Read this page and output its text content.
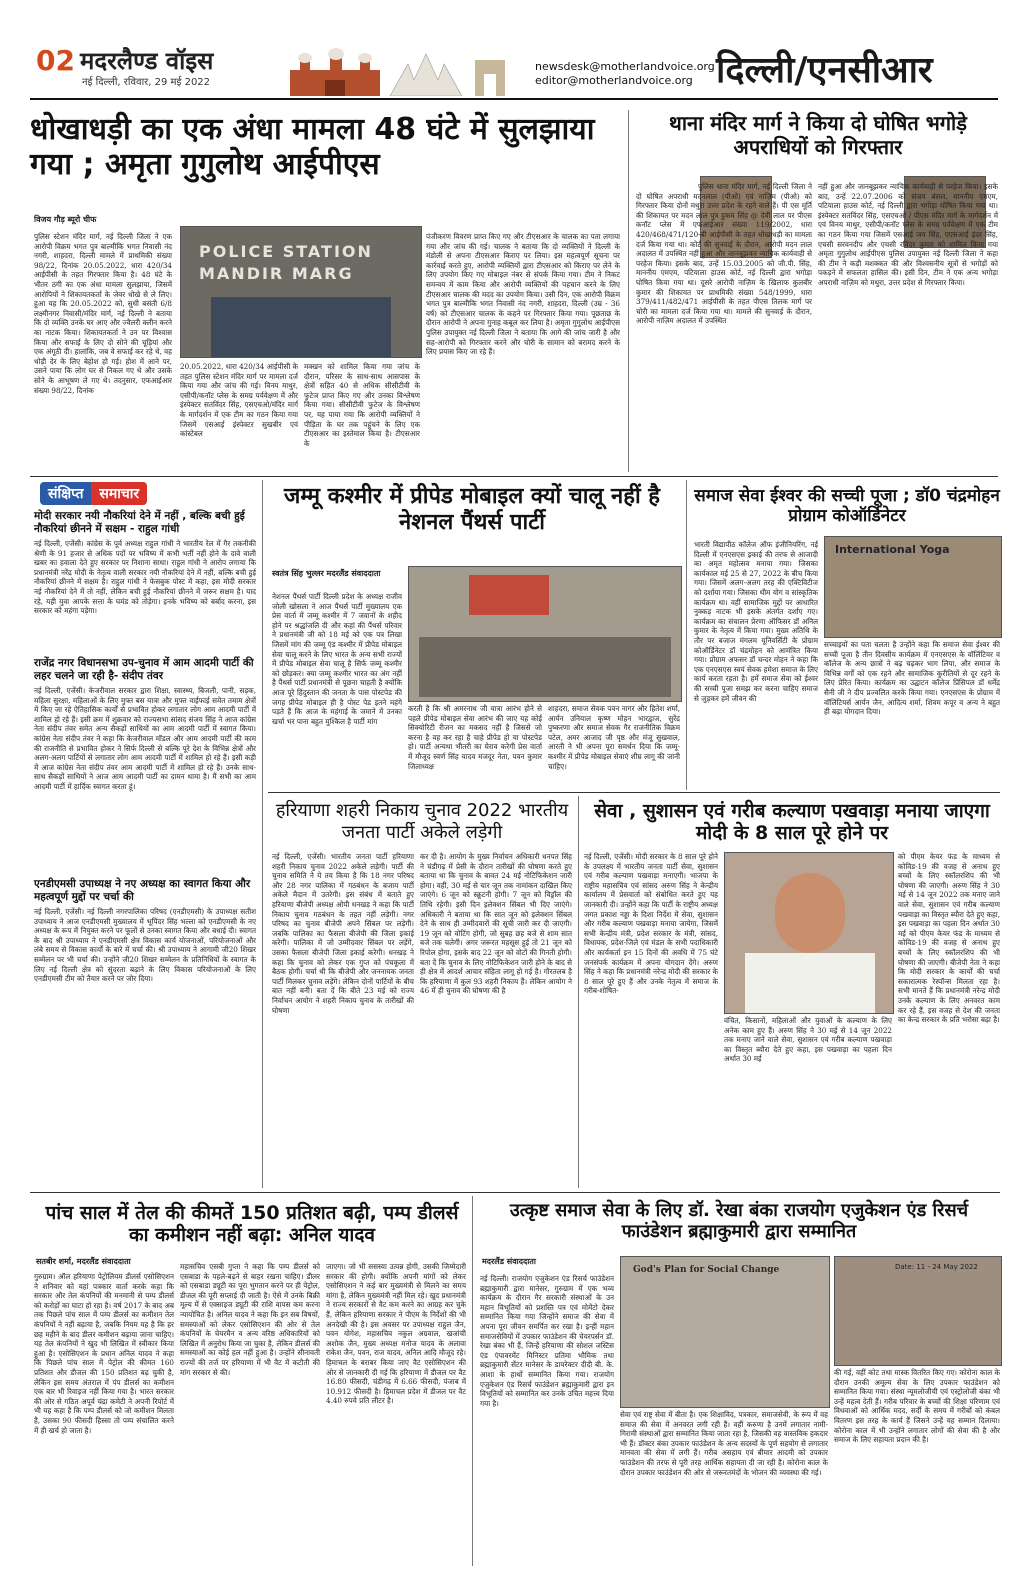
02 मदरलैण्ड वॉइस
नई दिल्ली, रविवार, 29 मई 2022
newsdesk@motherlandvoice.org
editor@motherlandvoice.org दिल्ली/एनसीआर
धोखाधड़ी का एक अंधा मामला 48 घंटे में सुलझाया गया ; अमृता गुगुलोथ आईपीएस
विजय गौड़ ब्यूरो चीफ
पुलिस स्टेशन मंदिर मार्ग, नई दिल्ली जिला ने एक आरोपी विक्रम भगत पुत्र बाल्मीकि भगत निवासी नंद नगरी, शाहदरा, दिल्ली मामले में प्राथमिकी संख्या 98/22, दिनांक 20.05.2022, धारा 420/34 आईपीसी के तहत गिरफ्तार किया है। 48 घंटे के भीतर ठगी का एक अंधा मामला सुलझाया, जिसमें आरोपियों ने शिकायतकर्ता के जेवर धोखे से ले लिए। हुआ यह कि 20.05.2022 को, सुधी बसंती 6/8 लक्ष्मीनगर निवासी/मंदिर मार्ग, नई दिल्ली ने बताया कि दो व्यक्ति उनके घर आए और ज्वैलरी क्लीन करने का नाटक किया। शिकायतकर्ता ने उन पर विश्वास किया और सफाई के लिए दो सोने की चूड़ियां और एक अंगूठी दी। हालांकि, जब वे सफाई कर रहे थे, वह थोड़ी देर के लिए बेहोश हो गई। होश में आने पर, उसने पाया कि लोग घर से निकल गए थे और उसके सोने के आभूषण ले गए थे। तदनुसार, एफआईआर संख्या 98/22, दिनांक
POLICE STATION MANDIR MARG
20.05.2022, धारा 420/34 आईपीसी के तहत पुलिस स्टेशन मंदिर मार्ग पर मामला दर्ज किया गया और जांच की गई। विनय माथुर, एसीपी/कनॉट प्लेस के समग्र पर्यवेक्षण में और इंस्पेक्टर सतविंदर सिंह, एसएचओ/मंदिर मार्ग के मार्गदर्शन में एक टीम का गठन किया गया जिसमें एसआई इंस्पेक्टर सुखबीर एवं कांस्टेबल
मक्खन को शामिल किया गया जांच के दौरान, परिसर के साथ-साथ आसपास के क्षेत्रों सहित 40 से अधिक सीसीटीवी के फुटेज प्राप्त किए गए और उनका विश्लेषण किया गया। सीसीटीवी फुटेज के विश्लेषण पर, यह पाया गया कि आरोपी व्यक्तियों ने पीड़िता के घर तक पहुंचने के लिए एक टीएसआर का इस्तेमाल किया है। टीएसआर के
पंजीकरण विवरण प्राप्त किए गए और टीएसआर के चालक का पता लगाया गया और जांच की गई। चालक ने बताया कि दो व्यक्तियों ने दिल्ली के मंडोली से अपना टीएसआर किराए पर लिया। इस महत्वपूर्ण सूचना पर कार्रवाई करते हुए, आरोपी व्यक्तियों द्वारा टीएसआर को किराए पर लेने के लिए उपयोग किए गए मोबाइल नंबर से संपर्क किया गया। टीम ने निकट समन्वय में काम किया और आरोपी व्यक्तियों की पहचान करने के लिए टीएसआर चालक की मदद का उपयोग किया। उसी दिन, एक आरोपी विक्रम भगत पुत्र बाल्मीकि भगत निवासी नंद नगरी, शाहदरा, दिल्ली (उम्र - 36 वर्ष) को टीएसआर चालक के कहने पर गिरफ्तार किया गया। पूछताछ के दौरान आरोपी ने अपना गुनाह कबूल कर लिया है। अमृता गुगुलोथ आईपीएस पुलिस उपायुक्त नई दिल्ली जिला ने बताया कि आगे की जांच जारी है और सह-आरोपी को गिरफ्तार करने और चोरी के सामान को बरामद करने के लिए प्रयास किए जा रहे हैं।
थाना मंदिर मार्ग ने किया दो घोषित भगोड़े अपराधियों को गिरफ्तार
पुलिस थाना मंदिर मार्ग, नई दिल्ली जिला ने दो घोषित अपराधी मदनलाल (पीओ) एवं नाज़िम (पीओ) को गिरफ्तार किया दोनों मथुरा उत्तर प्रदेश के रहने वाले हैं। पी एस मूर्ति की शिकायत पर मदन लाल पुत्र हुकम सिंह @ देवी लाल पर पीएस कनॉट प्लेस में एफआईआर संख्या 119/2002, धारा 420/468/471/120-बी आईपीसी के तहत धोखाधड़ी का मामला दर्ज किया गया था। कोर्ट की सुनवाई के दौरान, आरोपी मदन लाल अदालत में उपस्थित नहीं हुआ और जानबूझकर न्यायिक कार्यवाही से परहेज किया। इसके बाद, उन्हें 15.03.2005 को जी.पी. सिंह, माननीय एमएम, पटियाला हाउस कोर्ट, नई दिल्ली द्वारा भगोड़ा घोषित किया गया था। दूसरे आरोपी नाज़िम के खिलाफ कुलबीर कुमार की शिकायत पर प्राथमिकी संख्या 548/1999, धारा 379/411/482/471 आईपीसी के तहत पीएस तिलक मार्ग पर चोरी का मामला दर्ज किया गया था। मामले की सुनवाई के दौरान, आरोपी नाज़िम अदालत में उपस्थित
नहीं हुआ और जानबूझकर न्यायिक कार्यवाही से परहेज किया। इसके बाद, उन्हें 22.07.2006 को संजय बंसल, माननीय एमएम, पटियाला हाउस कोर्ट, नई दिल्ली द्वारा भगोड़ा घोषित किया गया था। इंस्पेक्टर सतविंदर सिंह, एसएचओ / पीएस मंदिर मार्ग के मार्गदर्शन में एवं विनय माथुर, एसीपी/कनॉट प्लेस के समग्र पर्यवेक्षण में एक टीम का गठन किया गया जिसमें एसआई जय सिंह, एएसआई इंदर सिंह, एचसी सरवनदीप और एचसी रविंदर कुमार को शामिल किया गया अमृता गुगुलोथ आईपीएस पुलिस उपायुक्त नई दिल्ली जिला ने कहा की टीम ने कड़ी मशक्कत की और विश्वसनीय सूत्रों से भगोड़ों को पकड़ने में सफलता हासिल की। इसी दिन, टीम ने एक अन्य भगोड़ा अपराधी नाज़िम को मथुरा, उत्तर प्रदेश से गिरफ्तार किया।
संक्षिप्त	समाचार
मोदी सरकार नयी नौकरियां देने में नहीं , बल्कि बची हुई नौकरियां छीनने में सक्षम - राहुल गांधी
नई दिल्ली, एजेंसी। कांग्रेस के पूर्व अध्यक्ष राहुल गांधी ने भारतीय रेल में गैर तकनीकी श्रेणी के 91 हजार से अधिक पदों पर भविष्य में कभी भर्ती नहीं होने के दावे वाली खबर का हवाला देते हुए सरकार पर निशाना साधा। राहुल गांधी ने आरोप लगाया कि प्रधानमंत्री नरेंद्र मोदी के नेतृत्व वाली सरकार नयी नौकरियां देने में नहीं, बल्कि बची हुई नौकरियां छीनने में सक्षम है। राहुल गांधी ने फेसबुक पोस्ट में कहा, इस मोदी सरकार नई नौकरियां देने में तो नहीं, लेकिन बची हुई नौकरियां छीनने में जरूर सक्षम है। याद रहे, यही युवा आपके सत्ता के घमंड को तोड़ेगा। इनके भविष्य को बर्बाद करना, इस सरकार को महंगा पड़ेगा।
राजेंद्र नगर विधानसभा उप-चुनाव में आम आदमी पार्टी की लहर चलने जा रही है- संदीप तंवर
नई दिल्ली, एजेंसी। केजरीवाल सरकार द्वारा शिक्षा, स्वास्थ्य, बिजली, पानी, सड़क, महिला सुरक्षा, महिलाओं के लिए मुफ्त बस यात्रा और मुफ्त वाईफाई समेत तमाम क्षेत्रों में किए जा रहे ऐतिहासिक कार्यों से प्रभावित होकर लगातार लोग आम आदमी पार्टी में शामिल हो रहे हैं। इसी क्रम में शुक्रवार को राज्यसभा सांसद संजय सिंह ने आज कांग्रेस नेता संदीप तंवर समेत अन्य सैकड़ों साथियों का आम आदमी पार्टी में स्वागत किया। कांग्रेस नेता संदीप तंवर ने कहा कि केजरीवाल मॉडल और आम आदमी पार्टी की काम की राजनीति से प्रभावित होकर ने सिर्फ दिल्ली से बल्कि पूरे देश के विभिन्न क्षेत्रों और अलग-अलग पार्टियों से लगातार लोग आम आदमी पार्टी में शामिल हो रहे हैं। इसी कड़ी में आज कांग्रेस नेता संदीप तंवर आम आदमी पार्टी में शामिल हो रहे हैं। उनके साथ-साथ सैकड़ों साथियों ने आज आम आदमी पार्टी का दामन थामा है। मैं सभी का आम आदमी पार्टी में हार्दिक स्वागत करता हूं।
एनडीएमसी उपाध्यक्ष ने नए अध्यक्ष का स्वागत किया और महत्वपूर्ण मुद्दों पर चर्चा की
नई दिल्ली, एजेंसी। नई दिल्ली नगरपालिका परिषद (एनडीएमसी) के उपाध्यक्ष सतीश उपाध्याय ने आज एनडीएमसी मुख्यालय में भूपिंदर सिंह भल्ला को एनडीएमसी के नए अध्यक्ष के रूप में नियुक्त करने पर फूलों से उनका स्वागत किया और बधाई दी। स्वागत के बाद श्री उपाध्याय ने एनडीएमसी क्षेत्र विकास कार्य योजनाओं, परियोजनाओं और लंबे समय से विकास कार्यों के बारे में चर्चा की। श्री उपाध्याय ने आगामी जी20 शिखर सम्मेलन पर भी चर्चा की। उन्होंने जी20 शिखर सम्मेलन के प्रतिनिधियों के स्वागत के लिए नई दिल्ली क्षेत्र को सुंदरता बढ़ाने के लिए विकास परियोजनाओं के लिए एनडीएमसी टीम को तैयार करने पर जोर दिया।
जम्मू कश्मीर में प्रीपेड मोबाइल क्यों चालू नहीं है नेशनल पैंथर्स पार्टी
स्वतंत्र सिंह भुल्लर मदरलैंड संवाददाता
नेशनल पैंथर्स पार्टी दिल्ली प्रदेश के अध्यक्ष राजीव जोली खोसला ने आज पैंथर्स पार्टी मुख्यालय एक प्रेस वार्ता में जम्मू कश्मीर में 7 जवानों के शहीद होने पर श्रद्धांजलि दी और कहां की पैंथर्स परिवार ने प्रधानमंत्री जी को 18 मई को एक पत्र लिखा जिसमें मांग की जम्मू एंड कश्मीर में प्रीपेड मोबाइल सेवा चालू करने के लिए भारत के अन्य सभी राज्यों में प्रीपेड मोबाइल सेवा चालू है सिर्फ जम्मू कश्मीर को छोड़कर। क्या जम्मू कश्मीर भारत का अंग नहीं है पैंथर्स पार्टी प्रधानमंत्री से पूछना चाहती है क्योंकि आज पूरे हिंदुस्तान की जनता के पास पोस्टपेड की जगह प्रीपेड मोबाइल ही है पोस्ट पेड इतने महंगे पड़ते हैं कि आज के महंगाई के जमाने में उनका खर्चा भर पाना बहुत मुश्किल है पार्टी मांग
करती है कि श्री अमरनाथ जी यात्रा आरंभ होने से पहले प्रीपेड मोबाइल सेवा आरंभ की जाए यह कोई सिक्योरिटी रीजन का मकसद नहीं है जिससे जो करना है वह कर रहा है चाहे प्रीपेड हो या पोस्टपेड हो। पार्टी अन्यथा भीतरी का घेराव करेगी प्रेस वार्ता में मौजूद स्वर्ण सिंह यादव मजदूर नेता, पवन कुमार जिलाध्यक्ष
शाहदरा, समाज सेवक पवन नागर और हितेश शर्मा, आर्यन उनियाल कृष्ण मोहन भारद्वाज, सुरेंद्र पुष्करणा और समाज सेवक गैर राजनीतिक विक्रम पटेल, अमर आजाद जी पृष्ठ और मंजू सुखवाल, आरती ने भी अपना पूरा समर्थन दिया कि जम्मू-कश्मीर में प्रीपेड मोबाइल सेवाएं शीघ्र लागू की जानी चाहिए।
समाज सेवा ईश्वर की सच्ची पूजा ; डॉ0 चंद्रमोहन प्रोग्राम कोऑर्डिनेटर
भारती विद्यापीठ कॉलेज ऑफ इंजीनियरिंग, नई दिल्ली में एनएसएस इकाई की तरफ से आजादी का अमृत महोत्सव मनाया गया। जिसका कार्यकाल मई 25 से 27, 2022 के बीच किया गया। जिसमें अलग-अलग तरह की एक्टिविटीज को दर्शाया गया। जिसका थीम योग व सांस्कृतिक कार्यक्रम था। वहीं सामाजिक मुद्दों पर आधारित नुक्कड़ नाटक भी इसके अंतर्गत दर्शाए गए। कार्यक्रम का संचालन प्रेरणा ऑफिसर डॉ अनिल कुमार के नेतृत्व में किया गया। मुख्य अतिथि के तौर पर बजाज मंगलम यूनिवर्सिटी के प्रोग्राम कोऑर्डिनेटर डॉ चंद्रमोहन को आमंत्रित किया गया। प्रोग्राम अफसर डॉ चन्दर मोहन ने कहा कि एक एनएसएस स्वयं सेवक हमेशा समाज के लिए कार्य करता रहता है। हमें समाज सेवा को ईश्वर की सच्ची पूजा समझ कर करना चाहिए समाज से जुड़कर हमें जीवन की
International Yoga
सच्चाइयों का पता चलता है उन्होंने कहा कि समाज सेवा ईश्वर की सच्ची पूजा है तीन दिवसीय कार्यक्रम में एनएसएस के वॉलिंटियर व कॉलेज के अन्य छात्रों ने बढ़ चढ़कर भाग लिया, और समाज के विभिन्न वर्गों को एक रहने और सामाजिक कुरीतियों से दूर रहने के लिए प्रेरित किया। कार्यक्रम का उद्घाटन कॉलेज प्रिंसिपल डॉ धर्मेंद्र सैनी जी ने दीप प्रज्वलित करके किया गया। एनएसएस के प्रोग्राम में वॉलिंटियर्स आर्यन जैन, आदित्य शर्मा, शिवम कपूर व अन्य ने बहुत ही बढ़ा योगदान दिया।
हरियाणा शहरी निकाय चुनाव 2022 भारतीय जनता पार्टी अकेले लड़ेगी
नई दिल्ली, एजेंसी। भारतीय जनता पार्टी हरियाणा शहरी निकाय चुनाव 2022 अकेले लड़ेगी। पार्टी की चुनाव समिति ने ये तय किया है कि 18 नगर परिषद और 28 नगर पालिका में गठबंधन के बजाय पार्टी अकेले मैदान में उतरेगी। इस संबंध में बताते हुए हरियाणा बीजेपी अध्यक्ष ओपी धनखड़ ने कहा कि पार्टी निकाय चुनाव गठबंधन के तहत नहीं लड़ेगी। नगर परिषद का चुनाव बीजेपी अपने सिंबल पर लड़ेगी। जबकि पालिका का फैसला बीजेपी की जिला इकाई करेगी। पालिका में जो उम्मीदवार सिंबल पर लड़ेंगे, उसका फैसला बीजेपी जिला इकाई करेगी। धनखड़ ने कहा कि चुनाव को लेकर एक गुप्त को पंचकूला में बैठक होगी। चर्चा थी कि बीजेपी और जननायक जनता पार्टी मिलकर चुनाव लड़ेंगे। लेकिन दोनों पार्टियों के बीच बात नहीं बनी। बता दें कि बीते 23 मई को राज्य निर्वाचन आयोग ने शहरी निकाय चुनाव के तारीखों की घोषणा
कर दी है। आयोग के मुख्य निर्वाचन अधिकारी धनपत सिंह ने चंडीगढ़ में प्रेसी के दौरान तारीखों की घोषणा करते हुए बताया था कि चुनाव के बावत 24 मई नोटिफिकेशन जारी होगा। वहीं, 30 मई से चार जून तक नामांकन दाखिल किए जाएंगे। 6 जून को स्क्रूटनी होगी। 7 जून को विड्रॉल की तिथि रहेगी। इसी दिन इलेक्शन सिंबल भी दिए जाएंगे। अधिकारी ने बताया था कि सात जून को इलेक्शन सिंबल देने के साथ ही उम्मीदवारों की सूची जारी कर दी जाएगी। 19 जून को वोटिंग होगी, जो सुबह छह बजे से शाम सात बजे तक चलेगी। अगर जरूरत महसूस हुई तो 21 जून को रिपोल होगा, इसके बाद 22 जून को वोटों की गिनती होगी। बता दें कि चुनाव के लिए नोटिफिकेशन जारी होने के बाद से ही क्षेत्र में आदर्श आचार संहिता लागू हो गई है। गौरतलब है कि हरियाणा में कुल 93 शहरी निकाय हैं। लेकिन आयोग ने 46 में ही चुनाव की घोषणा की है
सेवा , सुशासन एवं गरीब कल्याण पखवाड़ा मनाया जाएगा मोदी के 8 साल पूरे होने पर
नई दिल्ली, एजेंसी। मोदी सरकार के 8 साल पूरे होने के उपलक्ष्य में भारतीय जनता पार्टी सेवा, सुशासन एवं गरीब कल्याण पखवाड़ा मनाएगी। भाजपा के राष्ट्रीय महासचिव एवं सांसद अरुण सिंह ने केन्द्रीय कार्यालय में प्रेसवार्ता को संबोधित करते हुए यह जानकारी दी। उन्होंने कहा कि पार्टी के राष्ट्रीय अध्यक्ष जगत प्रकाश नड्डा के दिशा निर्देश में सेवा, सुशासन और गरीब कल्याण पखवाड़ा मनाया जायेगा, जिसमें सभी केन्द्रीय मंत्री, प्रदेश सरकार के मंत्री, सांसद, विधायक, प्रदेश-जिले एवं मंडल के सभी पदाधिकारी और कार्यकर्ता इन 15 दिनों की अवधि में 75 घंटे जनसंपर्क कार्यक्रम में अपना योगदान देंगे। अरुण सिंह ने कहा कि प्रधानमंत्री नरेन्द्र मोदी की सरकार के 8 साल पूरे हुए हैं और उनके नेतृत्व में समाज के गरीब-शोषित-
वंचित, किसानों, महिलाओं और युवाओं के कल्याण के लिए अनेक काम हुए हैं। अरुण सिंह ने 30 मई से 14 जून 2022 तक मनाए जाने वाले सेवा, सुशासन एवं गरीब कल्याण पखवाड़ा का विस्तृत ब्यौरा देते हुए कहा, इस पखवाड़ा का पहला दिन अर्थात 30 मई
को पीएम केयर फंड के माध्यम से कोविड-19 की वजह से अनाथ हुए बच्चों के लिए स्कॉलरशिप की भी घोषणा की जाएगी। अरुण सिंह ने 30 मई से 14 जून 2022 तक मनाए जाने वाले सेवा, सुशासन एवं गरीब कल्याण पखवाड़ा का विस्तृत ब्यौरा देते हुए कहा, इस पखवाड़ा का पहला दिन अर्थात 30 मई को पीएम केयर फंड के माध्यम से कोविड-19 की वजह से अनाथ हुए बच्चों के लिए स्कॉलरशिप की भी घोषणा की जाएगी। बीजेपी नेता ने कहा कि मोदी सरकार के कार्यों की चर्चा सकारात्मक रेस्पॉन्स मिलता रहा है। सभी मानते हैं कि प्रधानमंत्री नरेन्द्र मोदी उनके कल्याण के लिए अनवरत काम कर रहे हैं, इस वजह से देश की जनता का केन्द्र सरकार के प्रति भरोसा बढ़ा है।
पांच साल में तेल की कीमतें 150 प्रतिशत बढ़ी, पम्प डीलर्स का कमीशन नहीं बढ़ा: अनिल यादव
सतबीर शर्मा, मदरलैंड संवाददाता
गुरुग्राम। ऑल हरियाणा पेट्रोलियम डीलर्स एसोसिएशन ने शनिवार को यहां पत्रकार वार्ता करके कहा कि सरकार और तेल कंपनियों की मनमानी से पम्प डीलर्स को करोड़ों का घाटा हो रहा है। वर्ष 2017 के बाद अब तक पिछले पांच साल में पम्प डीलर्स का कमीशन तेल कंपनियों ने नहीं बढ़ाया है, जबकि नियम यह है कि हर छह महीने के बाद डीलर कमीशन बढ़ाया जाना चाहिए। यह तेल कंपनियों ने खुद भी लिखित में स्वीकार किया हुआ है। एसोसिएशन के प्रधान अनिल यादव ने कहा कि पिछले पांच साल में पेट्रोल की कीमत 160 प्रतिशत और डीजल की 150 प्रतिशत बढ़ चुकी है, लेकिन इस समय अंतराल में पंप डीलर्स का कमीशन एक बार भी रिवाइज नहीं किया गया है। भारत सरकार की ओर से गठित अपूर्व चंद्रा कमेटी ने अपनी रिपोर्ट में भी यह कहा है कि पम्प डीलर्स को जो कमीशन मिलता है, उसका 90 फीसदी हिस्सा तो पम्प संचालित करने में ही खर्च हो जाता है।
महासचिव एसबी गुप्ता ने कहा कि पम्प डीलर्स को एसबाडा के पहले-बढ़ने से बाहर रखना चाहिए। डीलर को एसबाडा ड्यूटी का पूरा भुगतान करने पर ही पेट्रोल, डीजल की पूरी सप्लाई दी जाती है। ऐसे में उनके बिक्री मूल्य में से एक्साइज ड्यूटी की राशि वापस कम करना न्यायोचित है। अनिल यादव ने कहा कि इन सब विषयों, समस्याओं को लेकर एसोसिएशन की ओर से तेल कंपनियों के चेयरमैन व अन्य वरिष्ठ अधिकारियों को लिखित में अनुरोध किया जा चुका है, लेकिन डीलर्स की समस्याओं का कोई हल नहीं हुआ है। उन्होंने सीनावती राज्यों की तर्ज पर हरियाणा में भी वैट में कटौती की मांग सरकार से की।
जाएगा। जो भी ससस्या उत्पन्न होगी, उसकी जिम्मेदारी सरकार की होगी। क्योंकि अपनी मांगों को लेकर एसोसिएशन ने कई बार मुख्यमंत्री से मिलने का समय मांगा है, लेकिन मुख्यमंत्री नहीं मिल रहे। खुद प्रधानमंत्री ने राज्य सरकारों से वैट कम करने का आग्रह कर चुके हैं, लेकिन हरियाणा सरकार ने पीएम के निर्देशों की भी अनदेखी की है। इस अवसर पर उपाध्यक्ष राहुल जैन, पवन योगेश, महासचिव नकुल अग्रवाल, खजांची अशोक जैन, मुख्य अध्यक्ष मनोज यादव के अलावा राकेश जैन, पवन, राज यादव, अनिल आदि मौजूद रहे। हिमाचल के बराबर किया जाए वैट एसोसिएशन की ओर से जानकारी दी गई कि हरियाणा में डीजल पर वैट 16.80 फीसदी, चंडीगढ़ में 6.66 फीसदी, पंजाब में 10.912 फीसदी है। हिमाचल प्रदेश में डीजल पर वैट 4.40 रुपये प्रति लीटर है।
उत्कृष्ट समाज सेवा के लिए डॉ. रेखा बंका राजयोग एजुकेशन एंड रिसर्च फाउंडेशन ब्रह्माकुमारी द्वारा सम्मानित
मदरलैंड संवाददाता
नई दिल्ली। राजयोग एजुकेशन एंड रिसर्च फाउंडेशन ब्रह्माकुमारी द्वारा मानेसर, गुरुग्राम में एक भव्य कार्यक्रम के दौरान गैर सरकारी संस्थाओं के उन महान विभूतियों को प्रशस्ति पत्र एवं मोमेंटो देकर सम्मानित किया गया जिन्होंने समाज की सेवा में अपना पूरा जीवन समर्पित कर रखा है। इन्हीं महान समाजसेवियों में उपकार फाउंडेशन की चेयरपर्सन डॉ. रेखा बंका भी हैं, जिन्हें हरियाणा की सोशल जस्टिस एंड एंपावरमेंट मिनिस्टर प्रतिमा भौमिक तथा ब्रह्माकुमारी सेंटर मानेसर के डायरेक्टर दीदी बी. के. आशा के हाथों सम्मानित किया गया। राजयोग एजुकेशन एंड रिसर्च फाउंडेशन ब्रह्माकुमारी द्वारा इन विभूतियों को सम्मानित कर उनके उचित महत्त्व दिया गया है।
God's Plan for Social Change
सेवा एवं राष्ट्र सेवा में बीता है। एक शिक्षाविद, पत्रकार, समाजसेवी, के रूप में वह समाज की सेवा में अनवरत लगी रही हैं। वहीं करुणा है उनमें लगातार नामी-गिरामी संस्थाओं द्वारा सम्मानित किया जाता रहा है, जिसकी वह वास्तविक हकदार भी हैं। डॉक्टर बंका उपकार फाउंडेशन के अन्य सदस्यों के पूर्ण सहयोग से लगातार मानवता की सेवा में लगी हैं। गरीब असहाय एवं बीमार आदमी को उपकार फाउंडेशन की तरफ से पूरी तरह आर्थिक सहायता दी जा रही है। कोरोना काल के दौरान उपकार फाउंडेशन की ओर से जरूरतमंदों के भोजन की व्यवस्था की गई।
Date: 11 - 24 May 2022
की गई, वहीं कोट तथा मास्क वितरित किए गए। कोरोना काल के दौरान उनकी अमूल्य सेवा के लिए उपकार फाउंडेशन को सम्मानित किया गया। संस्था न्यूमलोजीयी एवं एस्ट्रोलोजी बंका भी उन्हें महत्व देती हैं। गरीब परिवार के बच्चों की शिक्षा परिणाम एवं विधवाओं को आर्थिक मदद, सर्दी के समय में गरीबों को कंबल वितरण इस तरह के कार्य हैं जिसने उन्हें यह सम्मान दिलाया। कोरोना काल में भी उन्होंने लगातार लोगों की सेवा की है और समाज के लिए सहायता प्रदान की है।
